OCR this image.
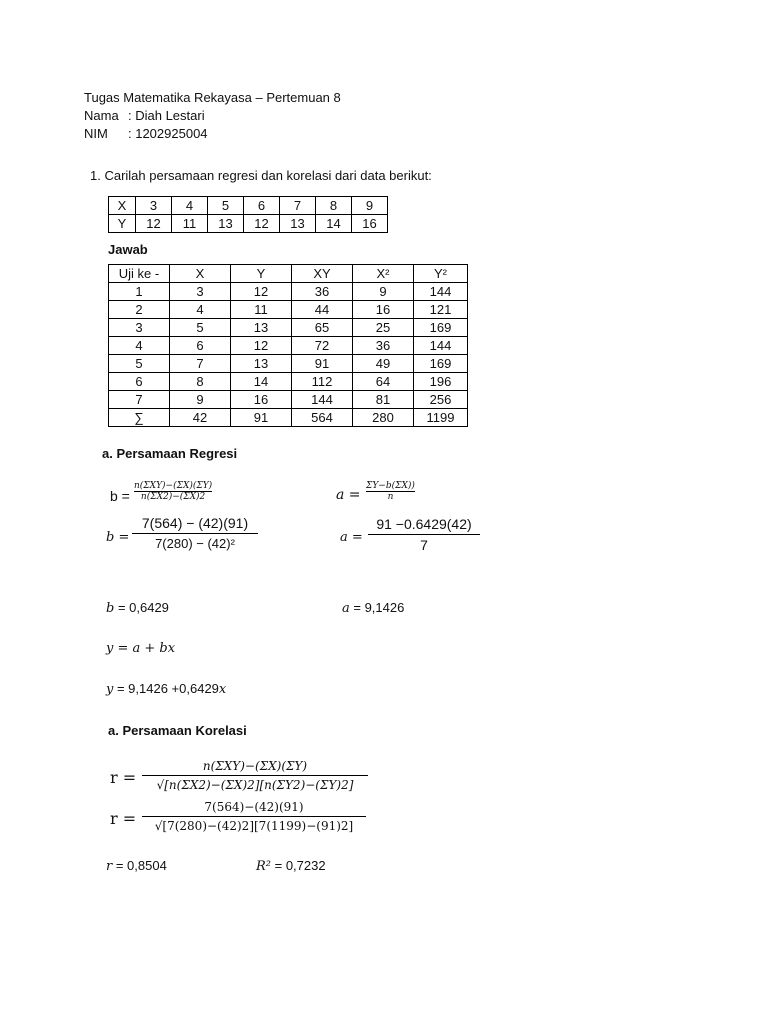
Tugas Matematika Rekayasa – Pertemuan 8
Nama : Diah Lestari
NIM : 1202925004
1. Carilah persamaan regresi dan korelasi dari data berikut:
X	3	4	5	6	7	8	9
Y	12	11	13	12	13	14	16
Jawab
Uji ke -	X	Y	XY	X²	Y²
1	3	12	36	9	144
2	4	11	44	16	121
3	5	13	65	25	169
4	6	12	72	36	144
5	7	13	91	49	169
6	8	14	112	64	196
7	9	16	144	81	256
∑	42	91	564	280	1199
a. Persamaan Regresi
b =
n(ΣXY)−(ΣX)(ΣY)
n(ΣX2)−(ΣX)2	a =
ΣY−b(ΣX))
n
b =
7(564) − (42)(91)
7(280) − (42)²	a =
91 −0.6429(42)
7
b = 0,6429	a = 9,1426
y = a + bx
y = 9,1426 +0,6429x
a. Persamaan Korelasi
r =
n(ΣXY)−(ΣX)(ΣY)
√[n(ΣX2)−(ΣX)2][n(ΣY2)−(ΣY)2]
r =
7(564)−(42)(91)
√[7(280)−(42)2][7(1199)−(91)2]
r = 0,8504	R² = 0,7232
